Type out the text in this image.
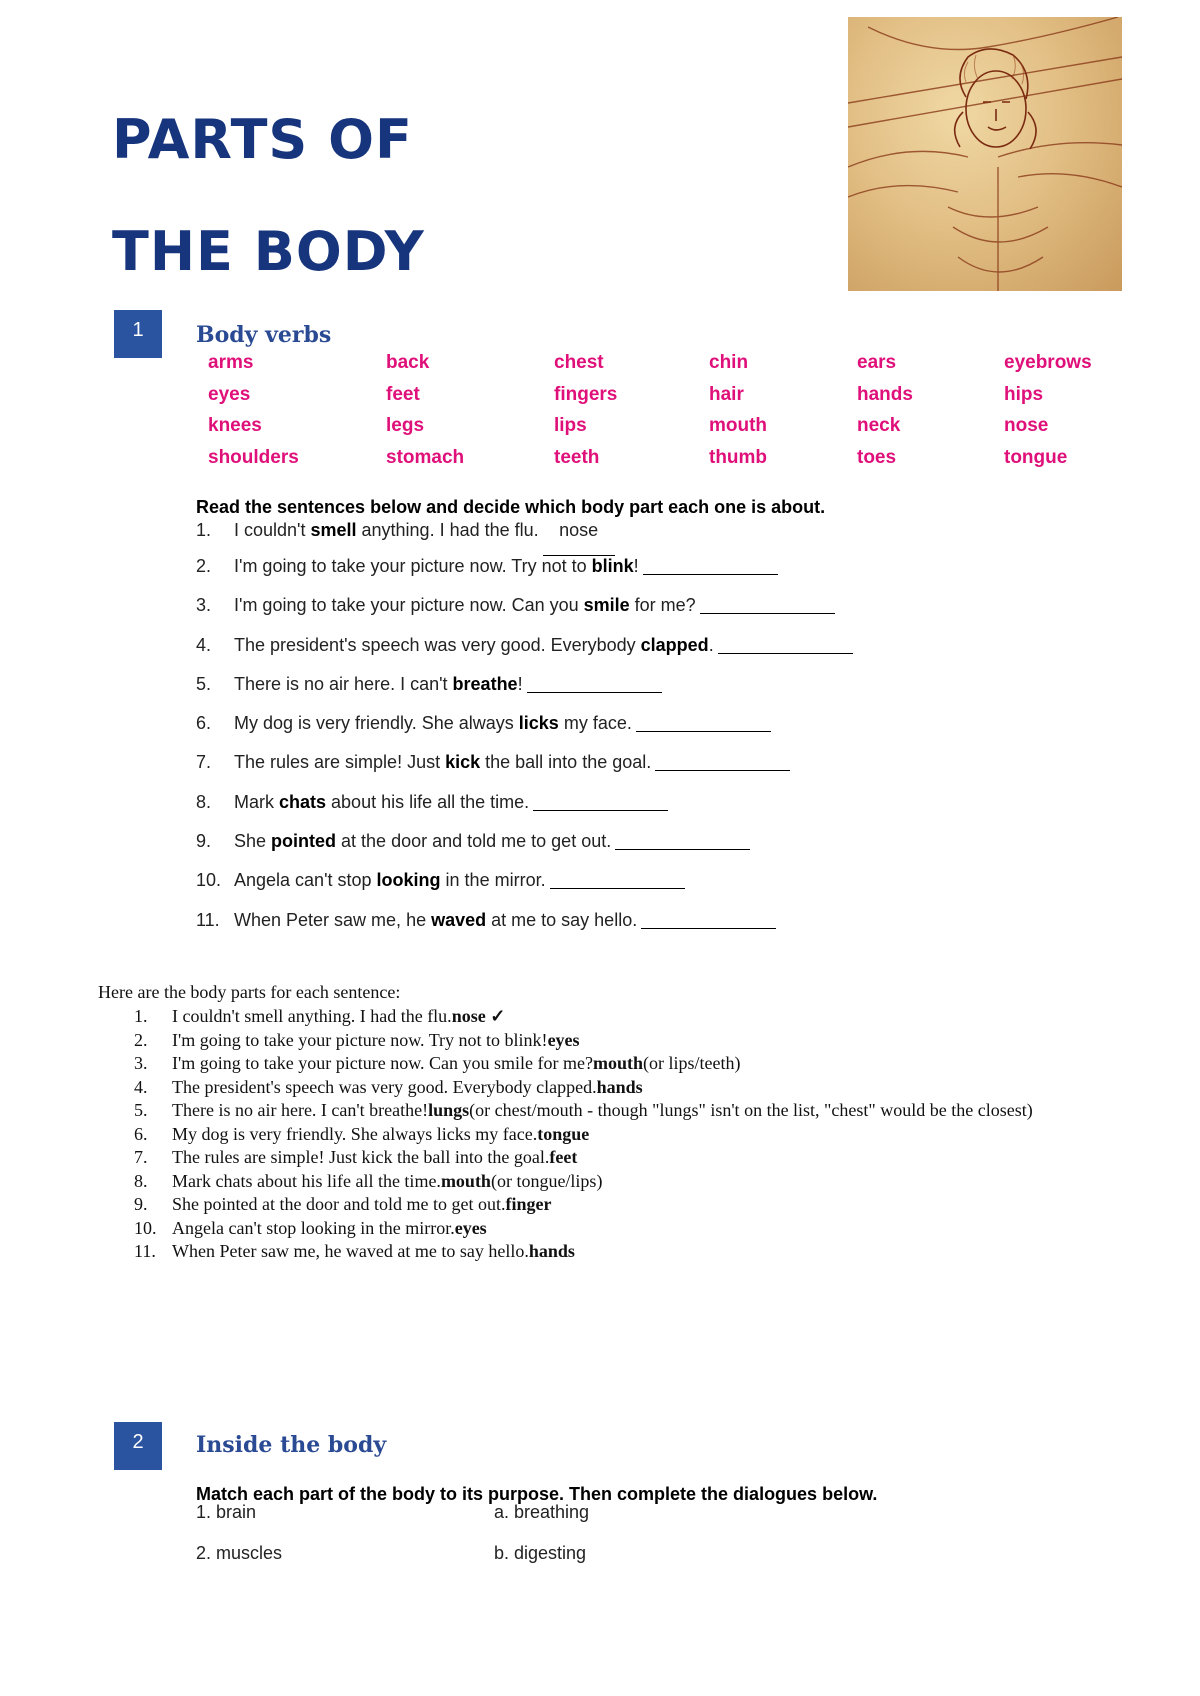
PARTS OF
THE BODY
1	Body verbs
arms	back	chest	chin	ears	eyebrows
eyes	feet	fingers	hair	hands	hips
knees	legs	lips	mouth	neck	nose
shoulders	stomach	teeth	thumb	toes	tongue
Read the sentences below and decide which body part each one is about.
1.	I couldn't smell anything. I had the flu.	nose
2.	I'm going to take your picture now. Try not to blink!
3.	I'm going to take your picture now. Can you smile for me?
4.	The president's speech was very good. Everybody clapped.
5.	There is no air here. I can't breathe!
6.	My dog is very friendly. She always licks my face.
7.	The rules are simple! Just kick the ball into the goal.
8.	Mark chats about his life all the time.
9.	She pointed at the door and told me to get out.
10. Angela can't stop looking in the mirror.
11. When Peter saw me, he waved at me to say hello.
Here are the body parts for each sentence:
1.	I couldn't smell anything. I had the flu. nose ✓
2.	I'm going to take your picture now. Try not to blink! eyes
3.	I'm going to take your picture now. Can you smile for me? mouth (or lips/teeth)
4.	The president's speech was very good. Everybody clapped. hands
5.	There is no air here. I can't breathe! lungs (or chest/mouth - though "lungs" isn't on the list, "chest" would be the closest)
6.	My dog is very friendly. She always licks my face. tongue
7.	The rules are simple! Just kick the ball into the goal. feet
8.	Mark chats about his life all the time. mouth (or tongue/lips)
9.	She pointed at the door and told me to get out. finger
10. Angela can't stop looking in the mirror. eyes
11. When Peter saw me, he waved at me to say hello. hands
2	Inside the body
Match each part of the body to its purpose. Then complete the dialogues below.
1. brain	a. breathing
2. muscles	b. digesting
